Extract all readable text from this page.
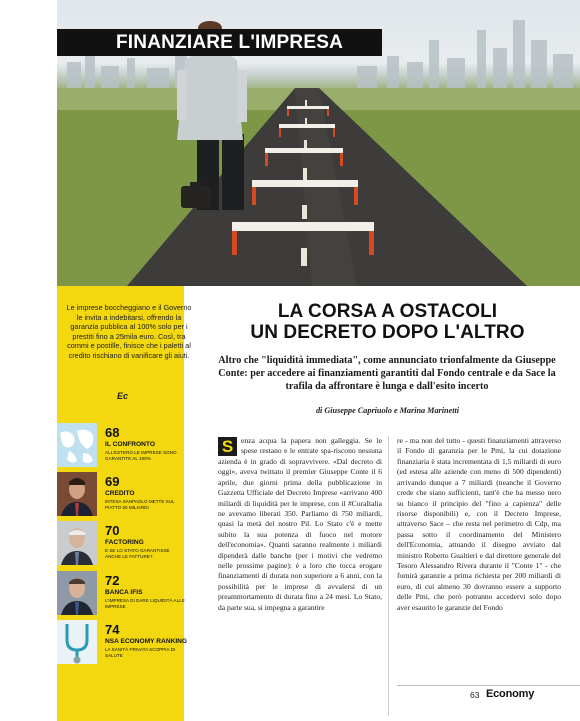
FINANZIARE L'IMPRESA
Le imprese boccheggiano e il Governo le invita a indebitarsi, offrendo la garanzia pubblica al 100% solo per i prestiti fino a 25mila euro. Così, tra commi e postille, finisce che i paletti al credito rischiano di vanificare gli aiuti.
Ec
68
IL CONFRONTO
ALL'ESTERO LE IMPRESE SONO GARANTITE AL 100%
69
CREDITO
INTESA SANPAOLO METTE SUL PIATTO 50 MILIARDI
70
FACTORING
E SE LO STATO GARANTISSE ANCHE LE FATTURE?
72
BANCA IFIS
L'IMPRESA DI DARE LIQUIDITÀ ALLE IMPRESE
74
NSA ECONOMY RANKING
LA SANITÀ PRIVATA SCOPPIA DI SALUTE
LA CORSA A OSTACOLI
UN DECRETO DOPO L'ALTRO
Altro che "liquidità immediata", come annunciato trionfalmente da Giuseppe Conte: per accedere ai finanziamenti garantiti dal Fondo centrale e da Sace la trafila da affrontare è lunga e dall'esito incerto
di Giuseppe Capriuolo e Marina Marinetti

S	enza acqua la papera non galleggia. Se le spese restano e le entrate spa-risconο nessuna azienda è in grado di sopravvivere. «Dal decreto di oggi», aveva twittato il premier Giuseppe Conte il 6 aprile, due giorni prima della pubblicazione in Gazzetta Ufficiale del Decreto Imprese «arrivano 400 miliardi di liquidità per le imprese, con il #CuraItalia ne avevamo liberati 350. Parliamo di 750 miliardi, quasi la metà del nostro Pil. Lo Stato c'è e mette subito la sua potenza di fuoco nel motore dell'economia». Quanti saranno realmente i miliardi dipenderà dalle banche (per i motivi che vedremo nelle prossime pagine): è a loro che tocca erogare finanziamenti di durata non superiore a 6 anni, con la possibilità per le imprese di avvalersi di un preammortamento di durata fino a 24 mesi. Lo Stato, da parte sua, si impegna a garantire

re - ma non del tutto - questi finanziamenti attraverso il Fondo di garanzia per le Pmi, la cui dotazione finanziaria è stata incrementata di 1,5 miliardi di euro (ed estesa alle aziende con meno di 500 dipendenti) arrivando dunque a 7 miliardi (neanche il Governo crede che siano sufficienti, tant'è che ha messo nero su bianco il principio del "fino a capienza" delle risorse disponibili) e, con il Decreto Imprese, attraverso Sace – che resta nel perimetro di Cdp, ma passa sotto il coordinamento del Ministero dell'Economia, attuando il disegno avviato dal ministro Roberto Gualtieri e dal direttore generale del Tesoro Alessandro Rivera durante il "Conte 1" - che fornirà garanzie a prima richiesta per 200 miliardi di euro, di cui almeno 30 dovranno essere a supporto delle Pmi, che però potranno accedervi solo dopo aver esaurito le garanzie del Fondo

63 Economy
